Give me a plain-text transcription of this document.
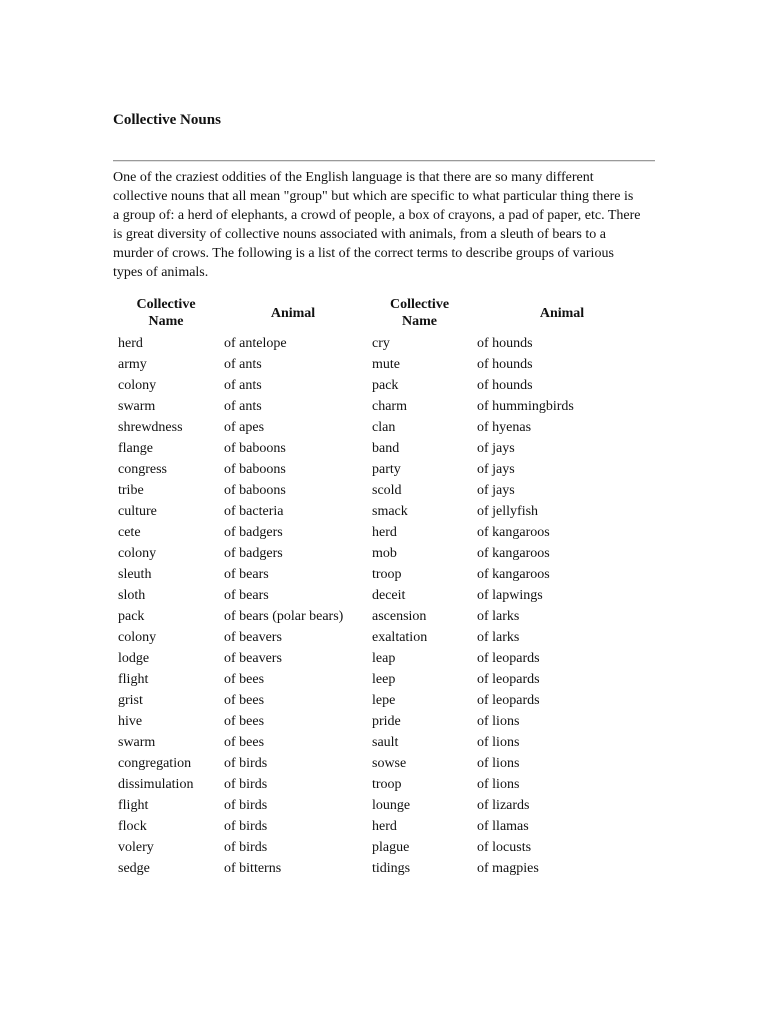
Collective Nouns

One of the craziest oddities of the English language is that there are so many different collective nouns that all mean "group" but which are specific to what particular thing there is a group of: a herd of elephants, a crowd of people, a box of crayons, a pad of paper, etc. There is great diversity of collective nouns associated with animals, from a sleuth of bears to a murder of crows. The following is a list of the correct terms to describe groups of various types of animals.

Collective Name	Animal	Collective Name	Animal
herd	of antelope	cry	of hounds
army	of ants	mute	of hounds
colony	of ants	pack	of hounds
swarm	of ants	charm	of hummingbirds
shrewdness	of apes	clan	of hyenas
flange	of baboons	band	of jays
congress	of baboons	party	of jays
tribe	of baboons	scold	of jays
culture	of bacteria	smack	of jellyfish
cete	of badgers	herd	of kangaroos
colony	of badgers	mob	of kangaroos
sleuth	of bears	troop	of kangaroos
sloth	of bears	deceit	of lapwings
pack	of bears (polar bears)	ascension	of larks
colony	of beavers	exaltation	of larks
lodge	of beavers	leap	of leopards
flight	of bees	leep	of leopards
grist	of bees	lepe	of leopards
hive	of bees	pride	of lions
swarm	of bees	sault	of lions
congregation	of birds	sowse	of lions
dissimulation	of birds	troop	of lions
flight	of birds	lounge	of lizards
flock	of birds	herd	of llamas
volery	of birds	plague	of locusts
sedge	of bitterns	tidings	of magpies
